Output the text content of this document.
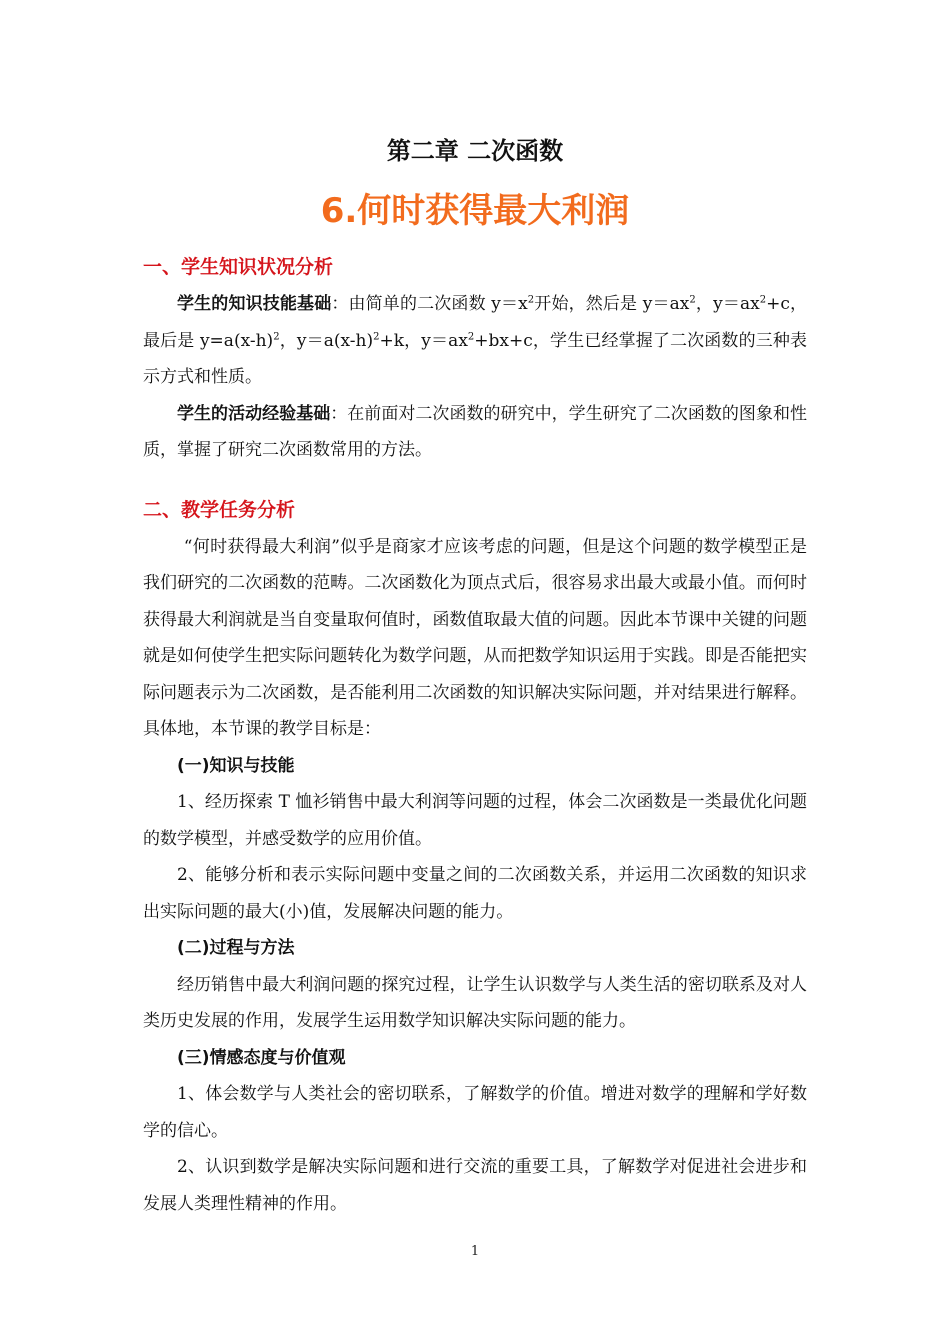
第二章 二次函数
6.何时获得最大利润
一、学生知识状况分析

学生的知识技能基础：由简单的二次函数 $y=x^2$开始，然后是 $y=ax^2$，$y=ax^2+c$，最后是 $y=a(x-h)^2$，$y=a(x-h)^2+k$，$y=ax^2+bx+c$，学生已经掌握了二次函数的三种表示方式和性质。

学生的活动经验基础：在前面对二次函数的研究中，学生研究了二次函数的图象和性质，掌握了研究二次函数常用的方法。

二、教学任务分析

“何时获得最大利润”似乎是商家才应该考虑的问题，但是这个问题的数学模型正是我们研究的二次函数的范畴。二次函数化为顶点式后，很容易求出最大或最小值。而何时获得最大利润就是当自变量取何值时，函数值取最大值的问题。因此本节课中关键的问题就是如何使学生把实际问题转化为数学问题，从而把数学知识运用于实践。即是否能把实际问题表示为二次函数，是否能利用二次函数的知识解决实际问题，并对结果进行解释。具体地，本节课的教学目标是：

(一)知识与技能

1、经历探索 T 恤衫销售中最大利润等问题的过程，体会二次函数是一类最优化问题的数学模型，并感受数学的应用价值。

2、能够分析和表示实际问题中变量之间的二次函数关系，并运用二次函数的知识求出实际问题的最大(小)值，发展解决问题的能力。

(二)过程与方法

经历销售中最大利润问题的探究过程，让学生认识数学与人类生活的密切联系及对人类历史发展的作用，发展学生运用数学知识解决实际问题的能力。

(三)情感态度与价值观

1、体会数学与人类社会的密切联系，了解数学的价值。增进对数学的理解和学好数学的信心。

2、认识到数学是解决实际问题和进行交流的重要工具，了解数学对促进社会进步和发展人类理性精神的作用。

1
